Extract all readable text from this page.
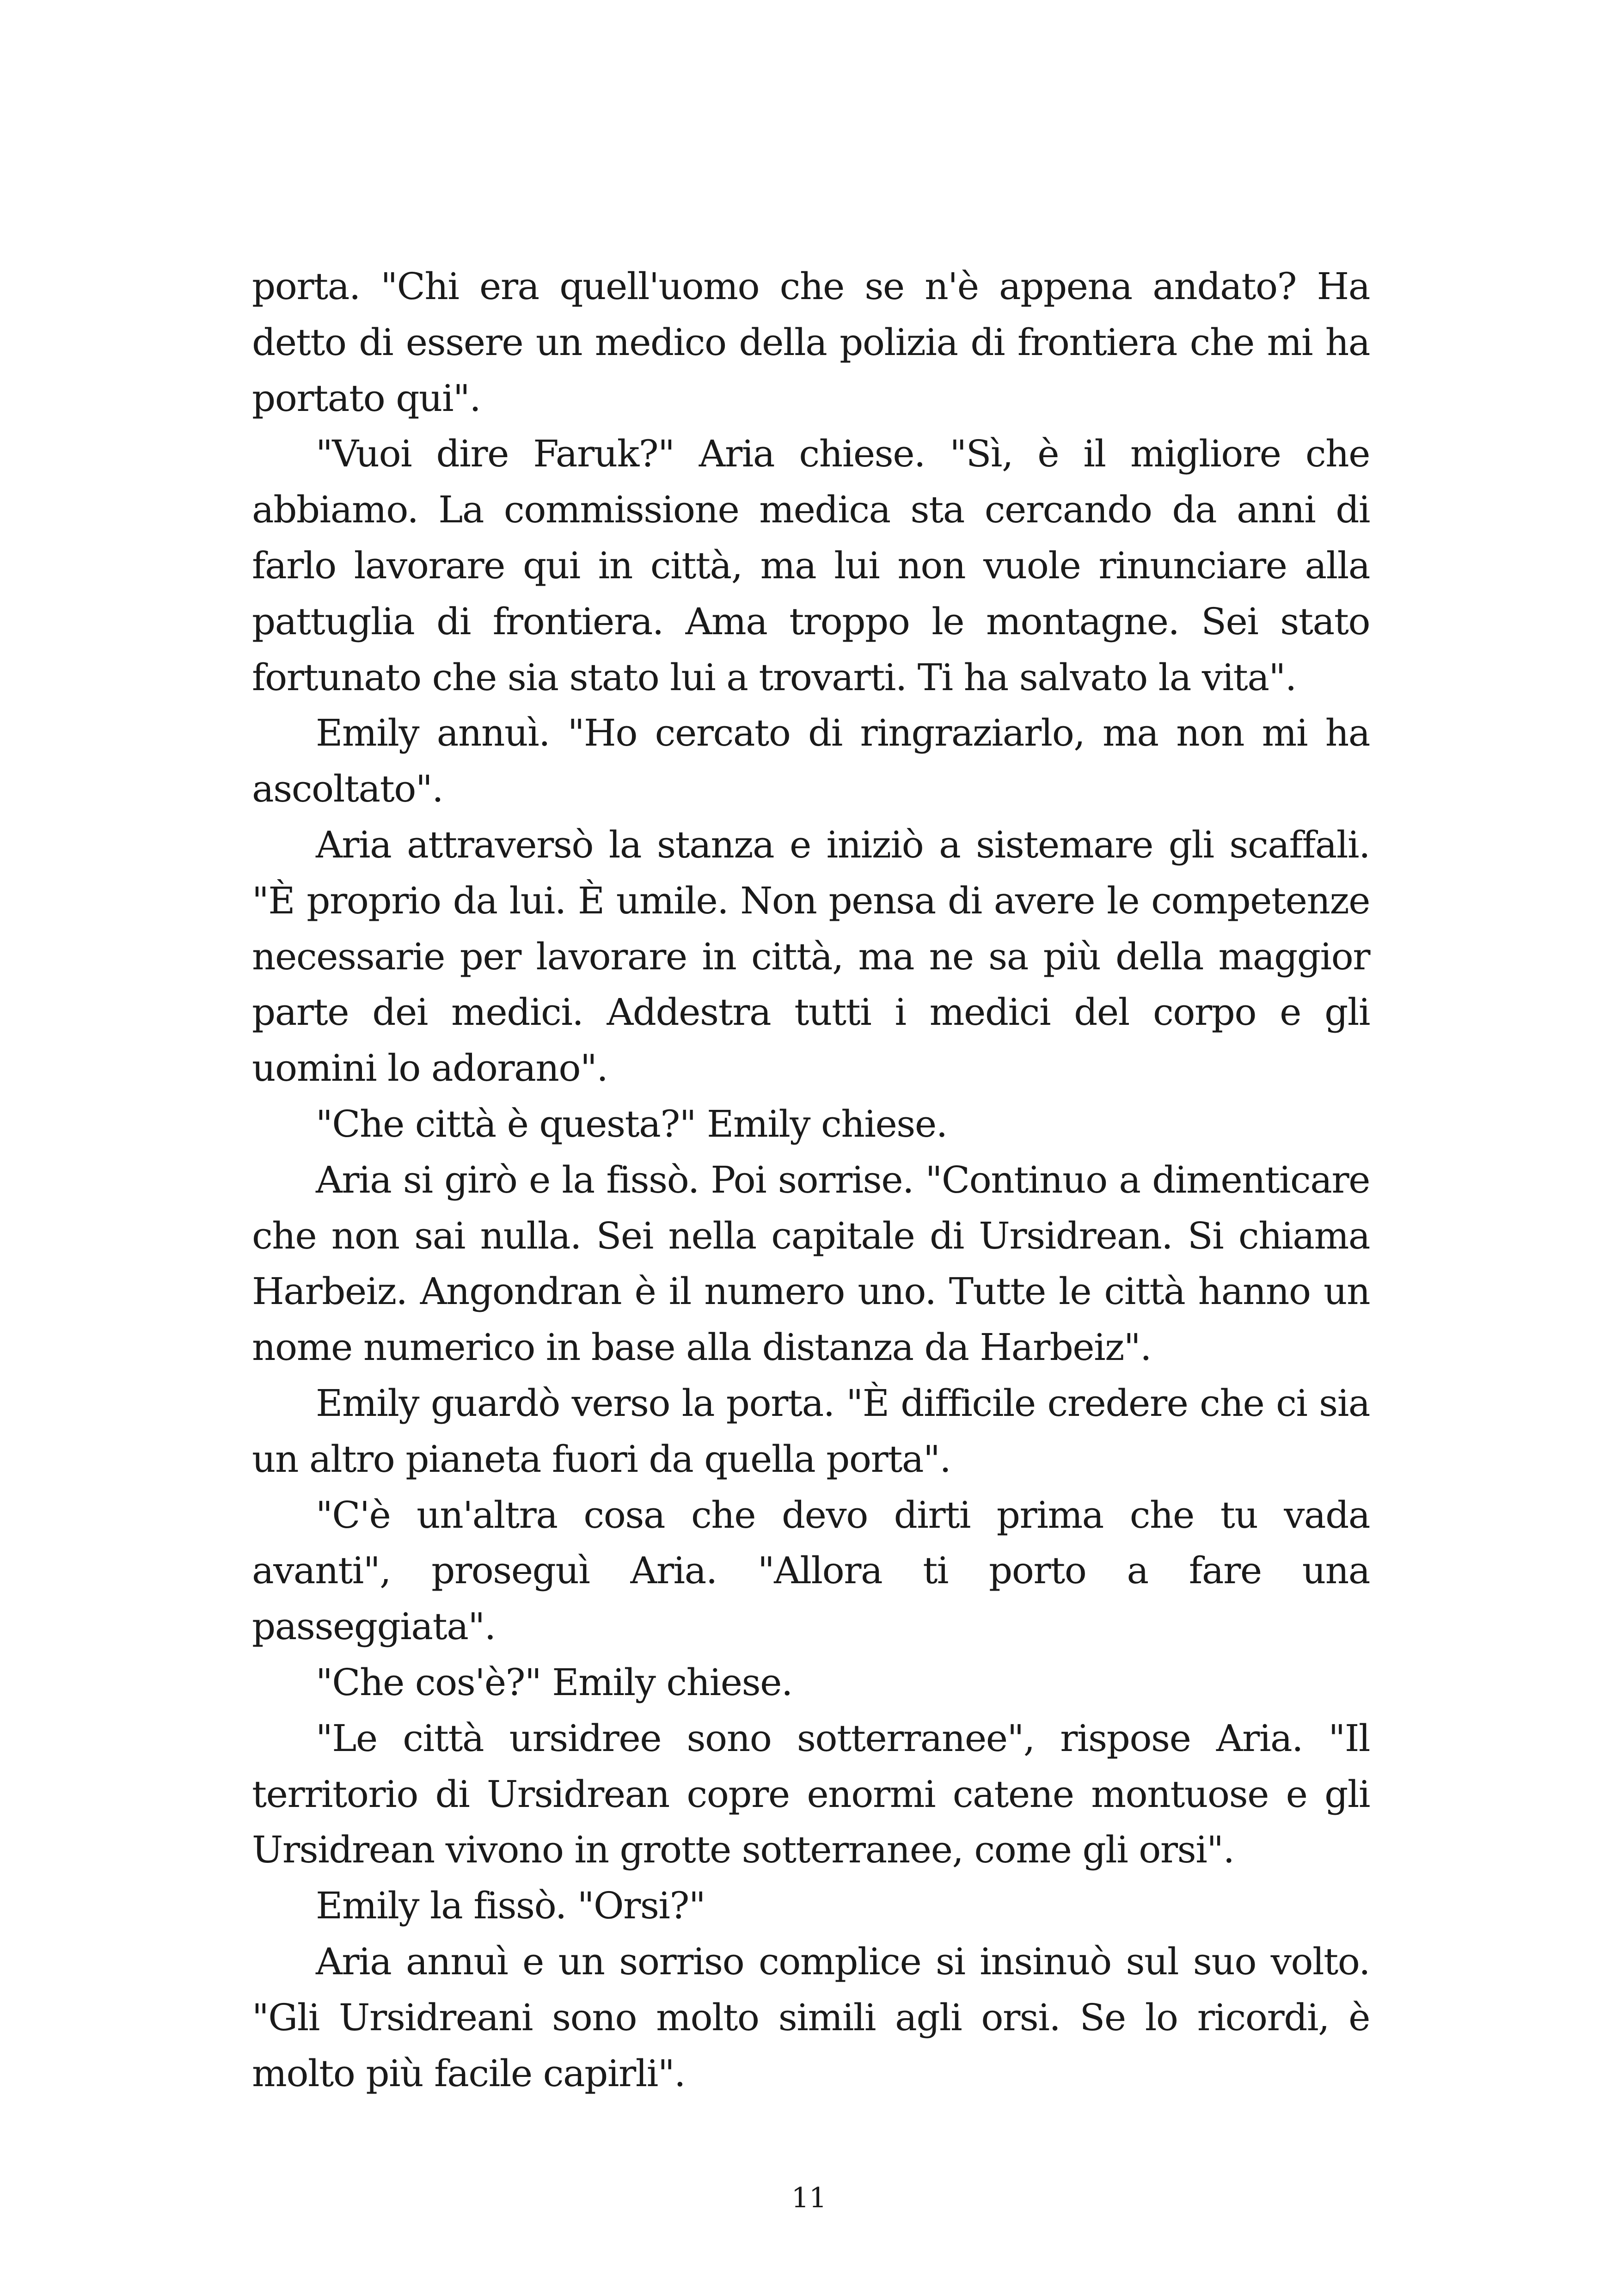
porta. "Chi era quell'uomo che se n'è appena andato? Ha detto di essere un medico della polizia di frontiera che mi ha portato qui".

"Vuoi dire Faruk?" Aria chiese. "Sì, è il migliore che abbiamo. La commissione medica sta cercando da anni di farlo lavorare qui in città, ma lui non vuole rinunciare alla pattuglia di frontiera. Ama troppo le montagne. Sei stato fortunato che sia stato lui a trovarti. Ti ha salvato la vita".

Emily annuì. "Ho cercato di ringraziarlo, ma non mi ha ascoltato".

Aria attraversò la stanza e iniziò a sistemare gli scaffali. "È proprio da lui. È umile. Non pensa di avere le competenze necessarie per lavorare in città, ma ne sa più della maggior parte dei medici. Addestra tutti i medici del corpo e gli uomini lo adorano".

"Che città è questa?" Emily chiese.

Aria si girò e la fissò. Poi sorrise. "Continuo a dimenticare che non sai nulla. Sei nella capitale di Ursidrean. Si chiama Harbeiz. Angondran è il numero uno. Tutte le città hanno un nome numerico in base alla distanza da Harbeiz".

Emily guardò verso la porta. "È difficile credere che ci sia un altro pianeta fuori da quella porta".

"C'è un'altra cosa che devo dirti prima che tu vada avanti", proseguì Aria. "Allora ti porto a fare una passeggiata".

"Che cos'è?" Emily chiese.

"Le città ursidree sono sotterranee", rispose Aria. "Il territorio di Ursidrean copre enormi catene montuose e gli Ursidrean vivono in grotte sotterranee, come gli orsi".

Emily la fissò. "Orsi?"

Aria annuì e un sorriso complice si insinuò sul suo volto. "Gli Ursidreani sono molto simili agli orsi. Se lo ricordi, è molto più facile capirli".

11
